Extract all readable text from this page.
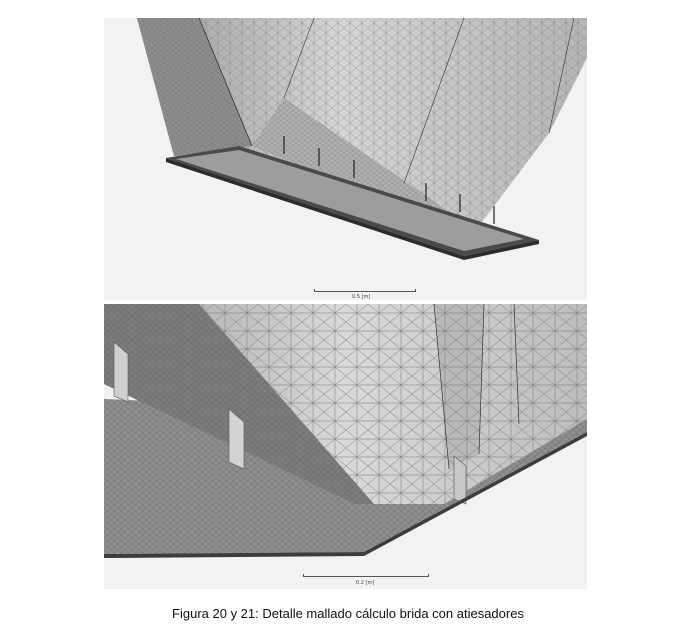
0.5 [m]
0.2 [m]
Figura 20 y 21: Detalle mallado cálculo brida con atiesadores
